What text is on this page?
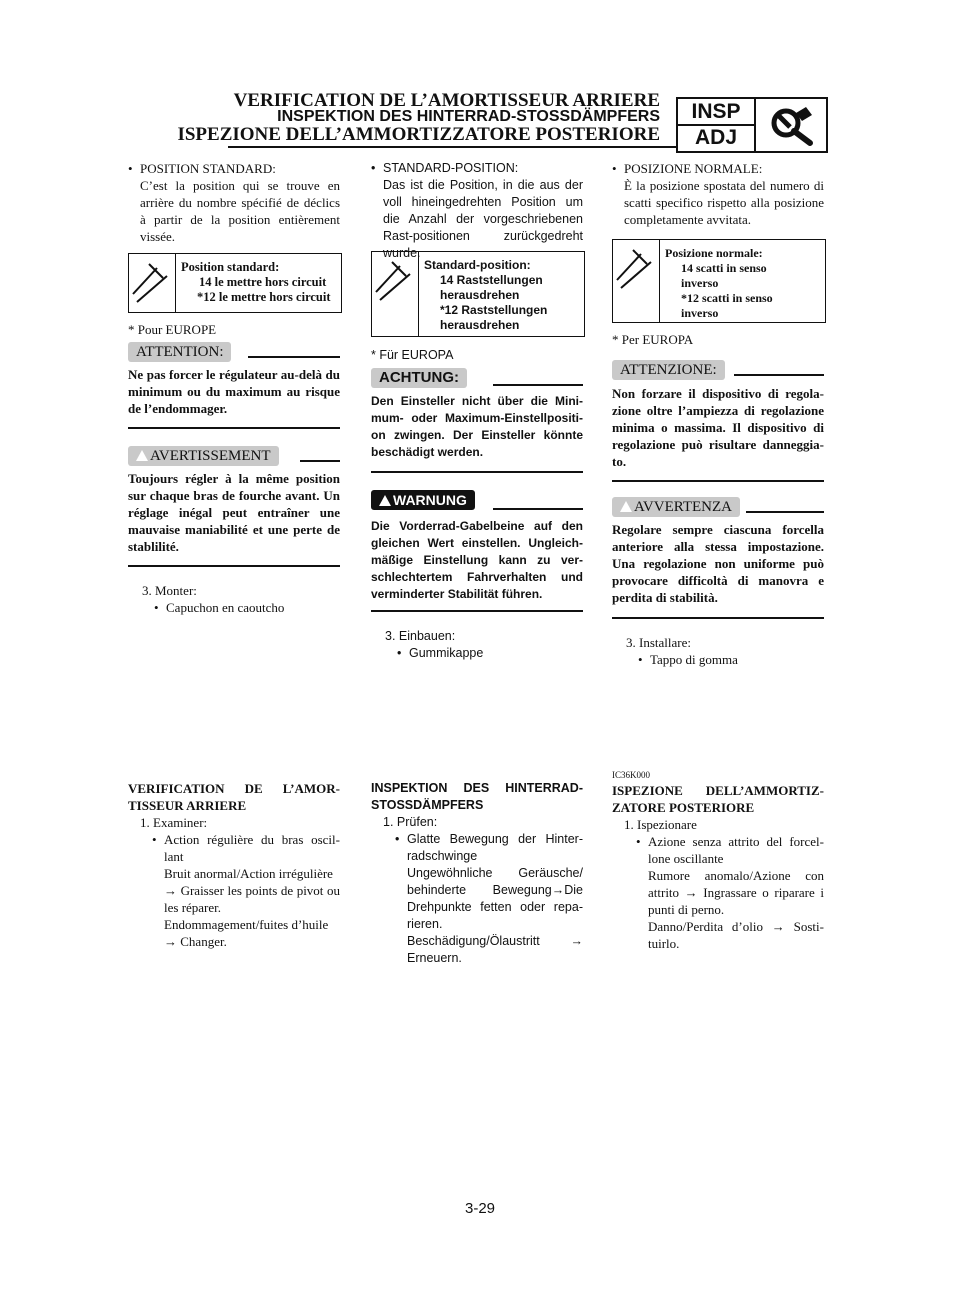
VERIFICATION DE L’AMORTISSEUR ARRIERE
INSPEKTION DES HINTERRAD-STOSSDÄMPFERS
ISPEZIONE DELL’AMMORTIZZATORE POSTERIORE
INSP
ADJ

• POSITION STANDARD:

C’est la position qui se trouve en arrière du nombre spécifié de déclics à partir de la position entièrement vissée.

Position standard:
14 le mettre hors circuit
*12 le mettre hors circuit
* Pour EUROPE
ATTENTION:
Ne pas forcer le régulateur au-delà du minimum ou du maximum au risque de l’endommager.
AVERTISSEMENT
Toujours régler à la même position sur chaque bras de fourche avant. Un réglage inégal peut entraîner une mauvaise maniabilité et une perte de stablilité.

3. Monter:

• Capuchon en caoutcho

VERIFICATION DE L’AMOR-TISSEUR ARRIERE

1. Examiner:

• Action régulière du bras oscil-lant

Bruit anormal/Action irrégulière

→ Graisser les points de pivot ou les réparer.

Endommagement/fuites d’huile

→ Changer.

• STANDARD-POSITION:

Das ist die Position, in die aus der voll hineingedrehten Position um die Anzahl der vorgeschriebenen Rast-positionen zurückgedreht wurde.

Standard-position:
14 Raststellungen
herausdrehen
*12 Raststellungen
herausdrehen
* Für EUROPA
ACHTUNG:
Den Einsteller nicht über die Mini-mum- oder Maximum-Einstellpositi-on zwingen. Der Einsteller könnte beschädigt werden.
WARNUNG
Die Vorderrad-Gabelbeine auf den gleichen Wert einstellen. Ungleich-mäßige Einstellung kann zu ver-schlechtertem Fahrverhalten und verminderter Stabilität führen.

3. Einbauen:

• Gummikappe

INSPEKTION DES HINTERRAD-STOSSDÄMPFERS

1. Prüfen:

• Glatte Bewegung der Hinter-radschwinge

Ungewöhnliche Geräusche/ behinderte Bewegung→Die Drehpunkte fetten oder repa-rieren.

Beschädigung/Ölaustritt → Erneuern.

• POSIZIONE NORMALE:

È la posizione spostata del numero di scatti specifico rispetto alla posizione completamente avvitata.

Posizione normale:
14 scatti in senso
inverso
*12 scatti in senso
inverso
* Per EUROPA
ATTENZIONE:
Non forzare il dispositivo di regola-zione oltre l’ampiezza di regolazione minima o massima. Il dispositivo di regolazione può risultare danneggia-to.
AVVERTENZA
Regolare sempre ciascuna forcella anteriore alla stessa impostazione. Una regolazione non uniforme può provocare difficoltà di manovra e perdita di stabilità.

3. Installare:

• Tappo di gomma

IC36K000

ISPEZIONE DELL’AMMORTIZ-ZATORE POSTERIORE

1. Ispezionare

• Azione senza attrito del forcel-lone oscillante

Rumore anomalo/Azione con attrito → Ingrassare o riparare i punti di perno.

Danno/Perdita d’olio → Sosti-tuirlo.

3-29
